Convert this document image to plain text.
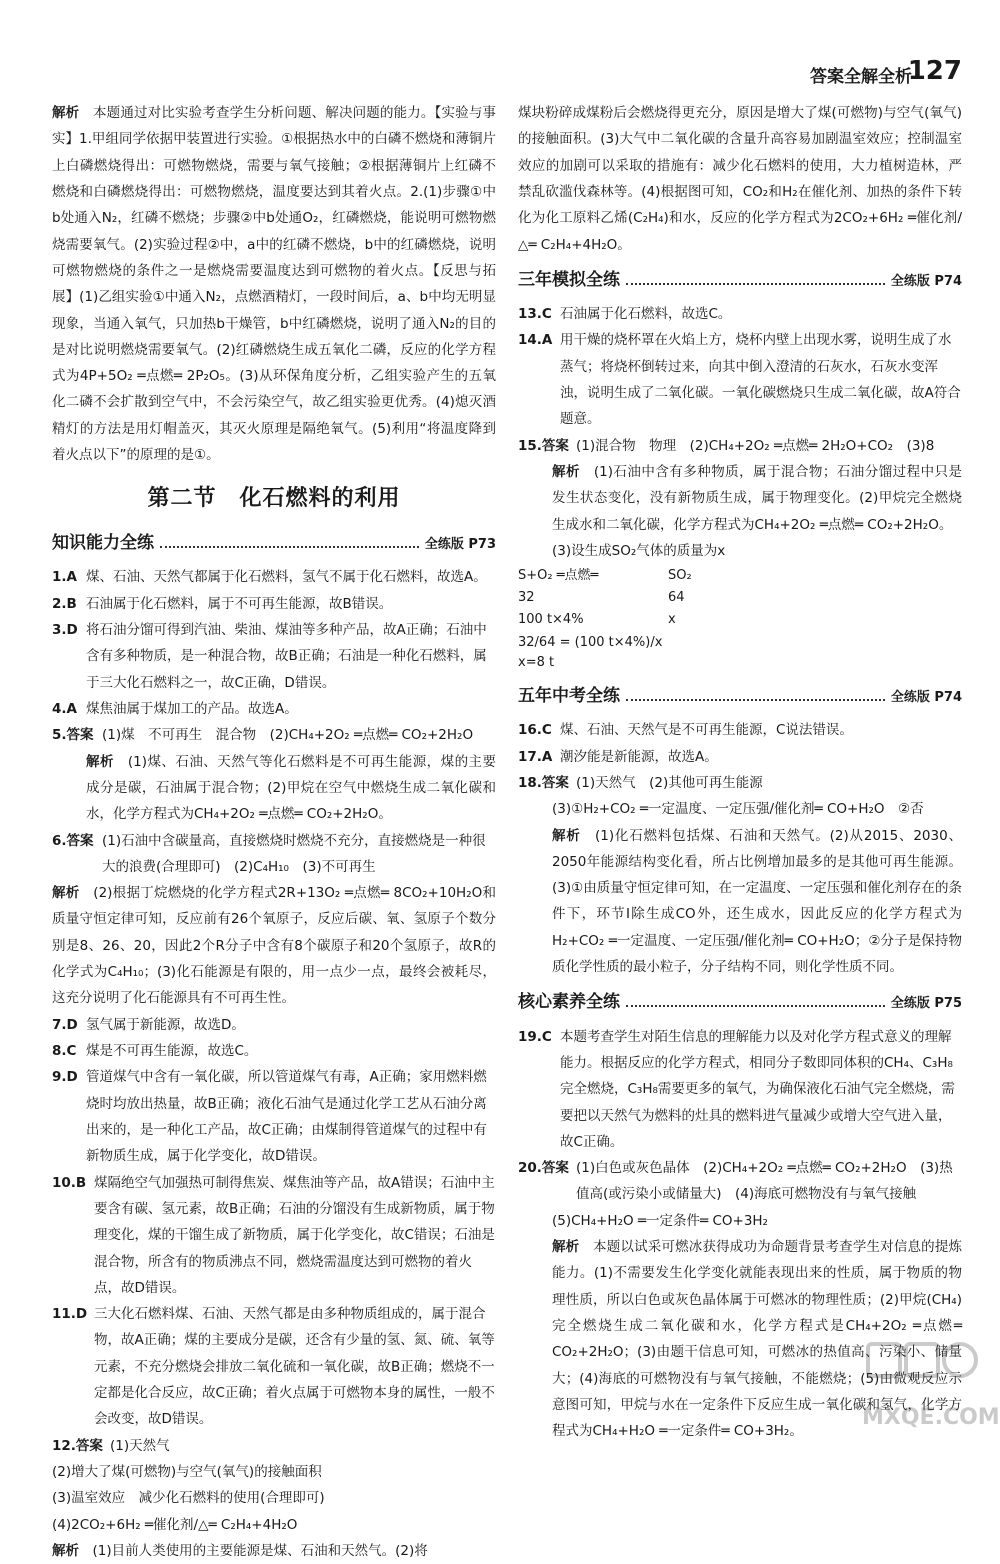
答案全解全析
127

解析　 本题通过对比实验考查学生分析问题、解决问题的能力。【实验与事实】1.甲组同学依据甲装置进行实验。①根据热水中的白磷不燃烧和薄铜片上白磷燃烧得出：可燃物燃烧，需要与氧气接触；②根据薄铜片上红磷不燃烧和白磷燃烧得出：可燃物燃烧，温度要达到其着火点。2.(1)步骤①中b处通入N₂，红磷不燃烧；步骤②中b处通O₂，红磷燃烧，能说明可燃物燃烧需要氧气。(2)实验过程②中，a中的红磷不燃烧，b中的红磷燃烧，说明可燃物燃烧的条件之一是燃烧需要温度达到可燃物的着火点。【反思与拓展】(1)乙组实验①中通入N₂，点燃酒精灯，一段时间后，a、b中均无明显现象，当通入氧气，只加热b干燥管，b中红磷燃烧，说明了通入N₂的目的是对比说明燃烧需要氧气。(2)红磷燃烧生成五氧化二磷，反应的化学方程式为4P+5O₂ ═点燃═ 2P₂O₅。(3)从环保角度分析，乙组实验产生的五氧化二磷不会扩散到空气中，不会污染空气，故乙组实验更优秀。(4)熄灭酒精灯的方法是用灯帽盖灭，其灭火原理是隔绝氧气。(5)利用“将温度降到着火点以下”的原理的是①。

第二节　化石燃料的利用
知识能力全练	全练版 P73
1.A 煤、石油、天然气都属于化石燃料，氢气不属于化石燃料，故选A。
2.B 石油属于化石燃料，属于不可再生能源，故B错误。
3.D 将石油分馏可得到汽油、柴油、煤油等多种产品，故A正确；石油中含有多种物质，是一种混合物，故B正确；石油是一种化石燃料，属于三大化石燃料之一，故C正确，D错误。
4.A 煤焦油属于煤加工的产品。故选A。
5.答案 (1)煤　不可再生　混合物　(2)CH₄+2O₂ ═点燃═ CO₂+2H₂O

解析　 (1)煤、石油、天然气等化石燃料是不可再生能源，煤的主要成分是碳，石油属于混合物；(2)甲烷在空气中燃烧生成二氧化碳和水，化学方程式为CH₄+2O₂ ═点燃═ CO₂+2H₂O。

6.答案 (1)石油中含碳量高，直接燃烧时燃烧不充分，直接燃烧是一种很大的浪费(合理即可)　(2)C₄H₁₀　(3)不可再生

解析　 (2)根据丁烷燃烧的化学方程式2R+13O₂ ═点燃═ 8CO₂+10H₂O和质量守恒定律可知，反应前有26个氧原子，反应后碳、氧、氢原子个数分别是8、26、20，因此2个R分子中含有8个碳原子和20个氢原子，故R的化学式为C₄H₁₀；(3)化石能源是有限的，用一点少一点，最终会被耗尽，这充分说明了化石能源具有不可再生性。

7.D 氢气属于新能源，故选D。
8.C 煤是不可再生能源，故选C。
9.D 管道煤气中含有一氧化碳，所以管道煤气有毒，A正确；家用燃料燃烧时均放出热量，故B正确；液化石油气是通过化学工艺从石油分离出来的，是一种化工产品，故C正确；由煤制得管道煤气的过程中有新物质生成，属于化学变化，故D错误。
10.B 煤隔绝空气加强热可制得焦炭、煤焦油等产品，故A错误；石油中主要含有碳、氢元素，故B正确；石油的分馏没有生成新物质，属于物理变化，煤的干馏生成了新物质，属于化学变化，故C错误；石油是混合物，所含有的物质沸点不同，燃烧需温度达到可燃物的着火点，故D错误。
11.D 三大化石燃料煤、石油、天然气都是由多种物质组成的，属于混合物，故A正确；煤的主要成分是碳，还含有少量的氢、氮、硫、氧等元素，不充分燃烧会排放二氧化硫和一氧化碳，故B正确；燃烧不一定都是化合反应，故C正确；着火点属于可燃物本身的属性，一般不会改变，故D错误。
12.答案 (1)天然气
(2)增大了煤(可燃物)与空气(氧气)的接触面积
(3)温室效应　减少化石燃料的使用(合理即可)
(4)2CO₂+6H₂ ═催化剂/△═ C₂H₄+4H₂O

解析　 (1)目前人类使用的主要能源是煤、石油和天然气。(2)将

煤块粉碎成煤粉后会燃烧得更充分，原因是增大了煤(可燃物)与空气(氧气)的接触面积。(3)大气中二氧化碳的含量升高容易加剧温室效应；控制温室效应的加剧可以采取的措施有：减少化石燃料的使用，大力植树造林，严禁乱砍滥伐森林等。(4)根据图可知，CO₂和H₂在催化剂、加热的条件下转化为化工原料乙烯(C₂H₄)和水，反应的化学方程式为2CO₂+6H₂ ═催化剂/△═ C₂H₄+4H₂O。

三年模拟全练	全练版 P74
13.C 石油属于化石燃料，故选C。
14.A 用干燥的烧杯罩在火焰上方，烧杯内壁上出现水雾，说明生成了水蒸气；将烧杯倒转过来，向其中倒入澄清的石灰水，石灰水变浑浊，说明生成了二氧化碳。一氧化碳燃烧只生成二氧化碳，故A符合题意。
15.答案 (1)混合物　物理　(2)CH₄+2O₂ ═点燃═ 2H₂O+CO₂　(3)8

解析　 (1)石油中含有多种物质，属于混合物；石油分馏过程中只是发生状态变化，没有新物质生成，属于物理变化。(2)甲烷完全燃烧生成水和二氧化碳，化学方程式为CH₄+2O₂ ═点燃═ CO₂+2H₂O。

(3)设生成SO₂气体的质量为x
S+O₂ ═点燃═	SO₂
32	64
100 t×4%	x
32/64 = (100 t×4%)/x
x=8 t
五年中考全练	全练版 P74
16.C 煤、石油、天然气是不可再生能源，C说法错误。
17.A 潮汐能是新能源，故选A。
18.答案 (1)天然气　(2)其他可再生能源
(3)①H₂+CO₂ ═一定温度、一定压强/催化剂═ CO+H₂O　②否

解析　 (1)化石燃料包括煤、石油和天然气。(2)从2015、2030、2050年能源结构变化看，所占比例增加最多的是其他可再生能源。(3)①由质量守恒定律可知，在一定温度、一定压强和催化剂存在的条件下，环节Ⅰ除生成CO外，还生成水，因此反应的化学方程式为H₂+CO₂ ═一定温度、一定压强/催化剂═ CO+H₂O；②分子是保持物质化学性质的最小粒子，分子结构不同，则化学性质不同。

核心素养全练	全练版 P75
19.C 本题考查学生对陌生信息的理解能力以及对化学方程式意义的理解能力。根据反应的化学方程式，相同分子数即同体积的CH₄、C₃H₈完全燃烧，C₃H₈需要更多的氧气，为确保液化石油气完全燃烧，需要把以天然气为燃料的灶具的燃料进气量减少或增大空气进入量，故C正确。
20.答案 (1)白色或灰色晶体　(2)CH₄+2O₂ ═点燃═ CO₂+2H₂O　(3)热值高(或污染小或储量大)　(4)海底可燃物没有与氧气接触
(5)CH₄+H₂O ═一定条件═ CO+3H₂

解析　 本题以试采可燃冰获得成功为命题背景考查学生对信息的提炼能力。(1)不需要发生化学变化就能表现出来的性质，属于物质的物理性质，所以白色或灰色晶体属于可燃冰的物理性质；(2)甲烷(CH₄)完全燃烧生成二氧化碳和水，化学方程式是CH₄+2O₂ ═点燃═ CO₂+2H₂O；(3)由题干信息可知，可燃冰的热值高、污染小、储量大；(4)海底的可燃物没有与氧气接触，不能燃烧；(5)由微观反应示意图可知，甲烷与水在一定条件下反应生成一氧化碳和氢气，化学方程式为CH₄+H₂O ═一定条件═ CO+3H₂。

MXQE.COM
